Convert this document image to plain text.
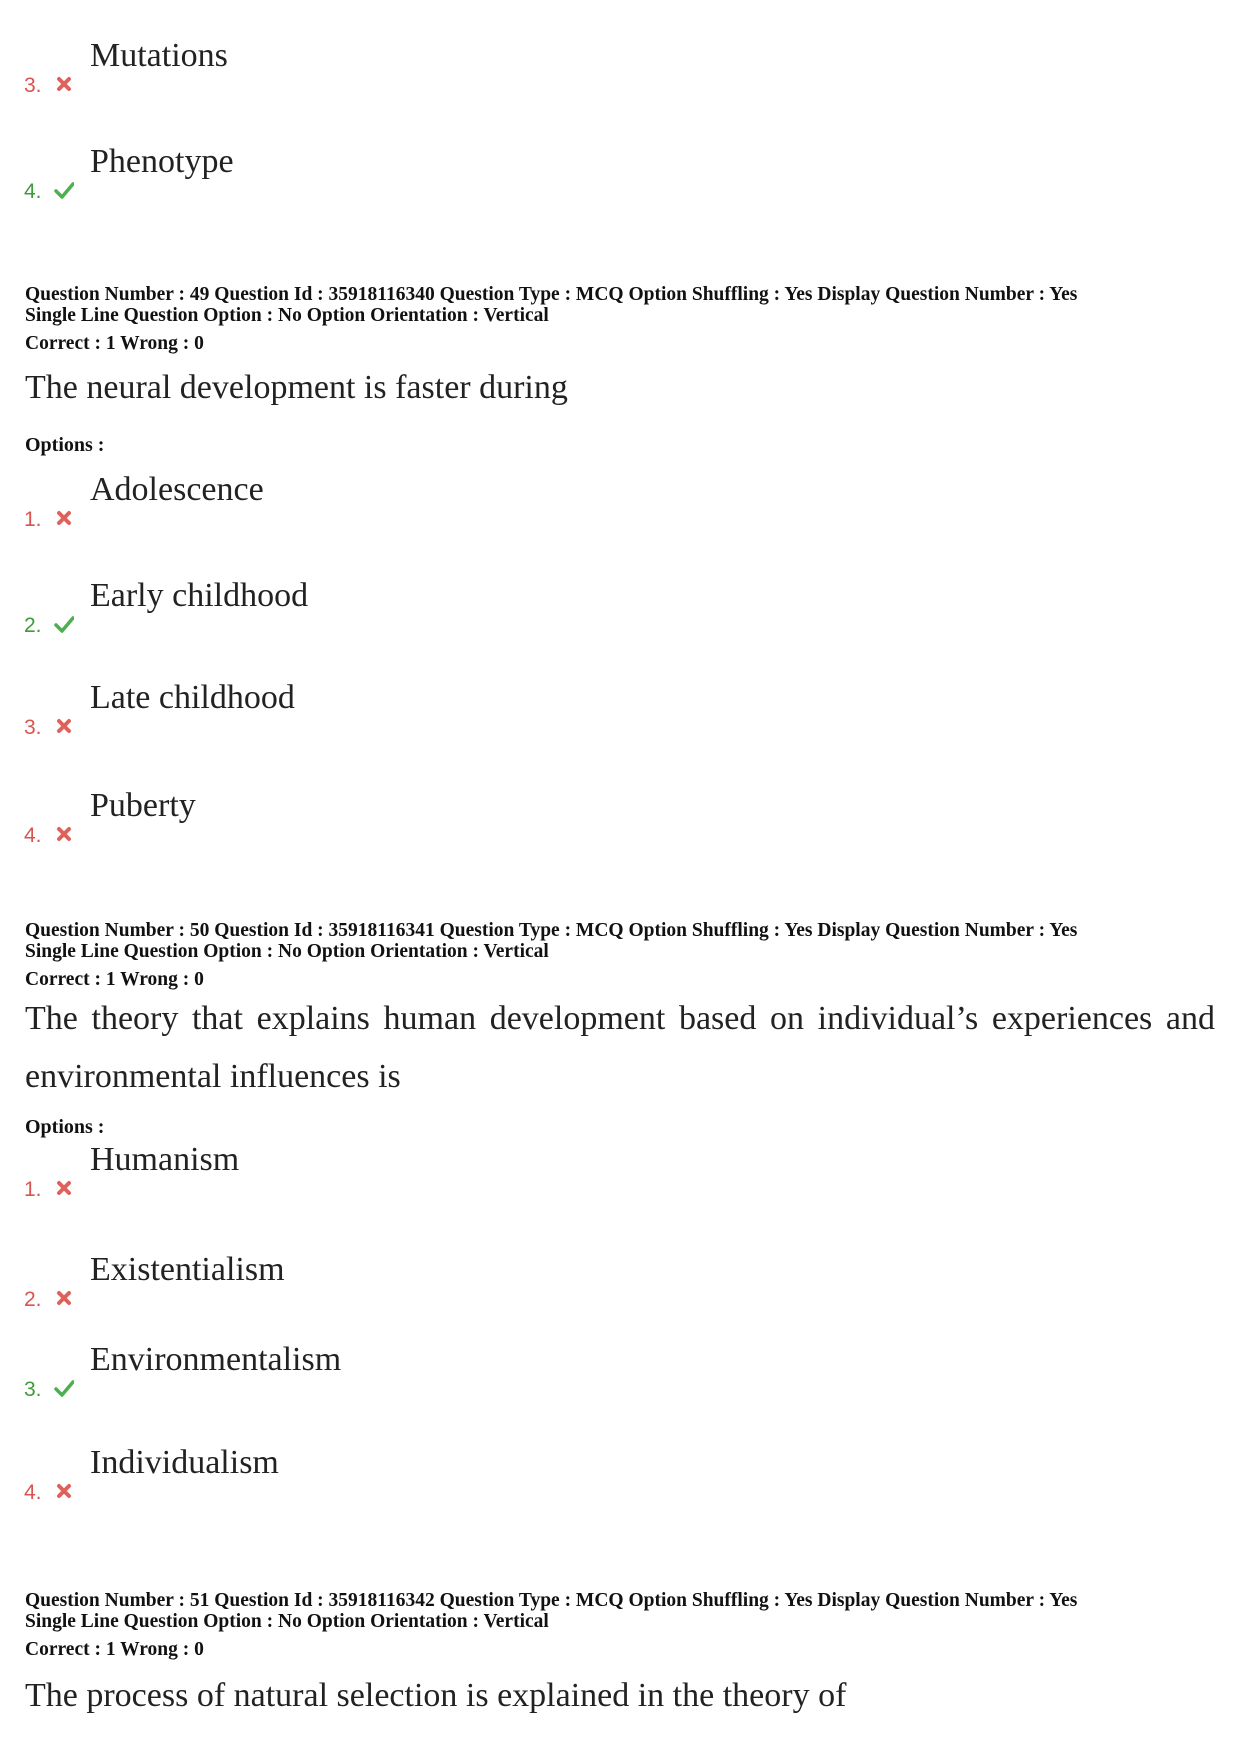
3.
Mutations
4.
Phenotype
Question Number : 49 Question Id : 35918116340 Question Type : MCQ Option Shuffling : Yes Display Question Number : Yes
Single Line Question Option : No Option Orientation : Vertical
Correct : 1 Wrong : 0
The neural development is faster during
Options :
1.
Adolescence
2.
Early childhood
3.
Late childhood
4.
Puberty
Question Number : 50 Question Id : 35918116341 Question Type : MCQ Option Shuffling : Yes Display Question Number : Yes
Single Line Question Option : No Option Orientation : Vertical
Correct : 1 Wrong : 0
The theory that explains human development based on individual’s experiences and environmental influences is
Options :
1.
Humanism
2.
Existentialism
3.
Environmentalism
4.
Individualism
Question Number : 51 Question Id : 35918116342 Question Type : MCQ Option Shuffling : Yes Display Question Number : Yes
Single Line Question Option : No Option Orientation : Vertical
Correct : 1 Wrong : 0
The process of natural selection is explained in the theory of
